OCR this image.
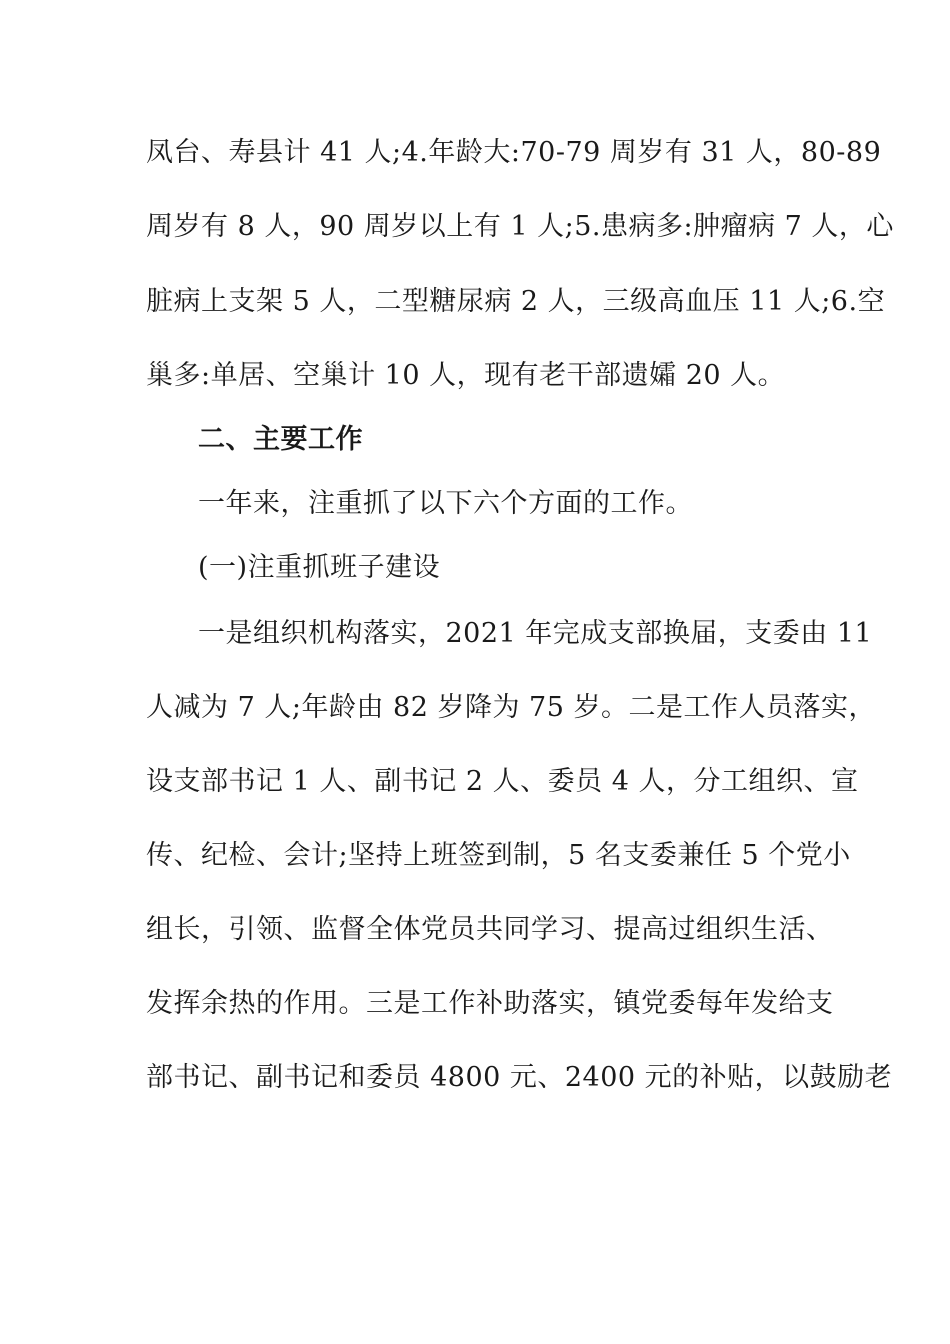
凤台、寿县计 41 人;4.年龄大:70-79 周岁有 31 人，80-89
周岁有 8 人，90 周岁以上有 1 人;5.患病多:肿瘤病 7 人，心
脏病上支架 5 人，二型糖尿病 2 人，三级高血压 11 人;6.空
巢多:单居、空巢计 10 人，现有老干部遗孀 20 人。
二、主要工作
一年来，注重抓了以下六个方面的工作。
(一)注重抓班子建设
一是组织机构落实，2021 年完成支部换届，支委由 11
人减为 7 人;年龄由 82 岁降为 75 岁。二是工作人员落实，
设支部书记 1 人、副书记 2 人、委员 4 人，分工组织、宣
传、纪检、会计;坚持上班签到制，5 名支委兼任 5 个党小
组长，引领、监督全体党员共同学习、提高过组织生活、
发挥余热的作用。三是工作补助落实，镇党委每年发给支
部书记、副书记和委员 4800 元、2400 元的补贴，以鼓励老
